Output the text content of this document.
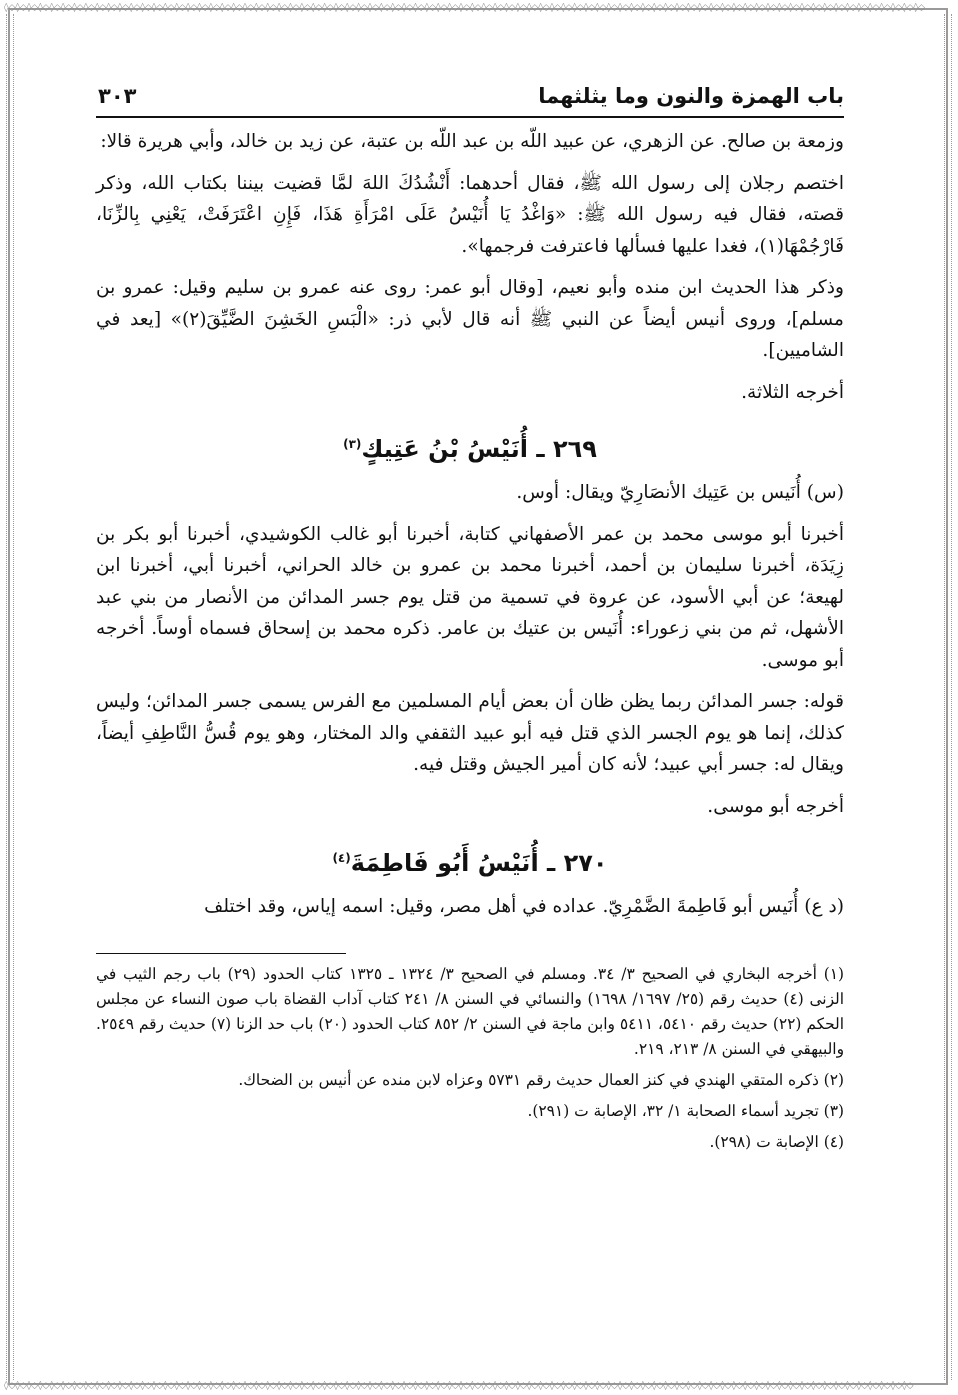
◊◇◊◇◊◇◊◇◊◇◊◇◊◇◊◇◊◇◊◇◊◇◊◇◊◇◊◇◊◇◊◇◊◇◊◇◊◇◊◇◊◇◊◇◊◇◊◇◊◇◊◇◊◇◊◇◊◇◊◇◊◇◊◇◊◇◊◇◊◇◊◇◊◇◊◇◊◇◊◇◊◇◊◇◊◇◊◇◊◇◊◇◊◇◊◇◊◇◊◇◊◇◊◇◊◇◊◇◊◇◊◇◊◇◊◇◊◇◊◇◊◇◊◇◊◇◊◇◊◇◊◇◊◇◊◇◊◇◊◇◊◇◊◇◊◇◊◇◊◇◊◇◊◇◊◇◊◇◊◇◊◇
◊◇◊◇◊◇◊◇◊◇◊◇◊◇◊◇◊◇◊◇◊◇◊◇◊◇◊◇◊◇◊◇◊◇◊◇◊◇◊◇◊◇◊◇◊◇◊◇◊◇◊◇◊◇◊◇◊◇◊◇◊◇◊◇◊◇◊◇◊◇◊◇◊◇◊◇◊◇◊◇◊◇◊◇◊◇◊◇◊◇◊◇◊◇◊◇◊◇◊◇◊◇◊◇◊◇◊◇◊◇◊◇◊◇◊◇◊◇◊◇◊◇◊◇◊◇◊◇◊◇◊◇◊◇◊◇◊◇◊◇◊◇◊◇◊◇◊◇◊◇◊◇◊◇◊◇◊◇◊◇
باب الهمزة والنون وما يثلثهما
٣٠٣

وزمعة بن صالح. عن الزهري، عن عبيد اللّه بن عبد اللّه بن عتبة، عن زيد بن خالد، وأبي هريرة قالا:

اختصم رجلان إلى رسول الله ﷺ، فقال أحدهما: أَنْشُدُكَ اللهَ لمَّا قضيت بيننا بكتاب الله، وذكر قصته، فقال فيه رسول الله ﷺ: «وَاغْدُ يَا أُنَيْسُ عَلَى امْرَأَةِ هَذَا، فَإِنِ اعْتَرَفَتْ، يَعْنِي بِالزِّنَا، فَارْجُمْهَا(١)، فغدا عليها فسألها فاعترفت فرجمها».

وذكر هذا الحديث ابن منده وأبو نعيم، [وقال أبو عمر: روى عنه عمرو بن سليم وقيل: عمرو بن مسلم]، وروى أنيس أيضاً عن النبي ﷺ أنه قال لأبي ذر: «الْبَسِ الخَشِنَ الضَّيِّقَ(٢)» [يعد في الشاميين].

أخرجه الثلاثة.

٢٦٩ ـ أُنَيْسُ بْنُ عَتِيكٍ$^{(٣)}$

(س) أُنَيس بن عَتِيك الأنصَارِيّ ويقال: أوس.

أخبرنا أبو موسى محمد بن عمر الأصفهاني كتابة، أخبرنا أبو غالب الكوشيدي، أخبرنا أبو بكر بن زِيَدَة، أخبرنا سليمان بن أحمد، أخبرنا محمد بن عمرو بن خالد الحراني، أخبرنا أبي، أخبرنا ابن لهيعة؛ عن أبي الأسود، عن عروة في تسمية من قتل يوم جسر المدائن من الأنصار من بني عبد الأشهل، ثم من بني زعوراء: أُنَيس بن عتيك بن عامر. ذكره محمد بن إسحاق فسماه أوساً. أخرجه أبو موسى.

قوله: جسر المدائن ربما يظن ظان أن بعض أيام المسلمين مع الفرس يسمى جسر المدائن؛ وليس كذلك، إنما هو يوم الجسر الذي قتل فيه أبو عبيد الثقفي والد المختار، وهو يوم قُسُّ النَّاطِفِ أيضاً، ويقال له: جسر أبي عبيد؛ لأنه كان أمير الجيش وقتل فيه.

أخرجه أبو موسى.

٢٧٠ ـ أُنَيْسُ أَبُو فَاطِمَةَ$^{(٤)}$

(د ع) أُنَيس أبو فَاطِمةَ الضَّمْرِيّ. عداده في أهل مصر، وقيل: اسمه إياس، وقد اختلف

(١) أخرجه البخاري في الصحيح ٣/ ٣٤. ومسلم في الصحيح ٣/ ١٣٢٤ ـ ١٣٢٥ كتاب الحدود (٢٩) باب رجم الثيب في الزنى (٤) حديث رقم (٢٥/ ١٦٩٧/ ١٦٩٨) والنسائي في السنن ٨/ ٢٤١ كتاب آداب القضاة باب صون النساء عن مجلس الحكم (٢٢) حديث رقم ٥٤١٠، ٥٤١١ وابن ماجة في السنن ٢/ ٨٥٢ كتاب الحدود (٢٠) باب حد الزنا (٧) حديث رقم ٢٥٤٩. والبيهقي في السنن ٨/ ٢١٣، ٢١٩.

(٢) ذكره المتقي الهندي في كنز العمال حديث رقم ٥٧٣١ وعزاه لابن منده عن أنيس بن الضحاك.

(٣) تجريد أسماء الصحابة ١/ ٣٢، الإصابة ت (٢٩١).

(٤) الإصابة ت (٢٩٨).
